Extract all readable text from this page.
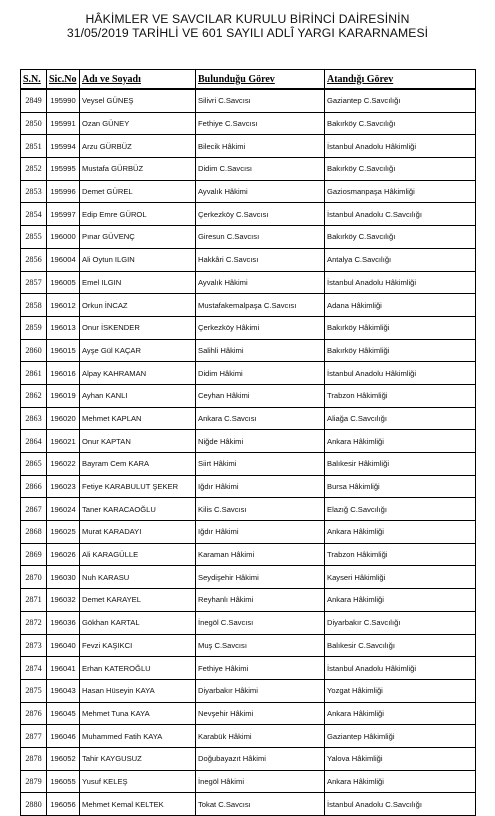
HÂKİMLER VE SAVCILAR KURULU BİRİNCİ DAİRESİNİN
31/05/2019 TARİHLİ VE 601 SAYILI ADLÎ YARGI KARARNAMESİ
S.N.	Sic.No	Adı ve Soyadı	Bulunduğu Görev	Atandığı Görev
2849	195990	Veysel GÜNEŞ	Silivri C.Savcısı	Gaziantep C.Savcılığı
2850	195991	Ozan GÜNEY	Fethiye C.Savcısı	Bakırköy C.Savcılığı
2851	195994	Arzu GÜRBÜZ	Bilecik Hâkimi	İstanbul Anadolu Hâkimliği
2852	195995	Mustafa GÜRBÜZ	Didim C.Savcısı	Bakırköy C.Savcılığı
2853	195996	Demet GÜREL	Ayvalık Hâkimi	Gaziosmanpaşa Hâkimliği
2854	195997	Edip Emre GÜROL	Çerkezköy C.Savcısı	İstanbul Anadolu C.Savcılığı
2855	196000	Pınar GÜVENÇ	Giresun C.Savcısı	Bakırköy C.Savcılığı
2856	196004	Ali Oytun ILGIN	Hakkâri C.Savcısı	Antalya C.Savcılığı
2857	196005	Emel ILGIN	Ayvalık Hâkimi	İstanbul Anadolu Hâkimliği
2858	196012	Orkun İNCAZ	Mustafakemalpaşa C.Savcısı	Adana Hâkimliği
2859	196013	Onur İSKENDER	Çerkezköy Hâkimi	Bakırköy Hâkimliği
2860	196015	Ayşe Gül KAÇAR	Salihli Hâkimi	Bakırköy Hâkimliği
2861	196016	Alpay KAHRAMAN	Didim Hâkimi	İstanbul Anadolu Hâkimliği
2862	196019	Ayhan KANLI	Ceyhan Hâkimi	Trabzon Hâkimliği
2863	196020	Mehmet KAPLAN	Ankara C.Savcısı	Aliağa C.Savcılığı
2864	196021	Onur KAPTAN	Niğde Hâkimi	Ankara Hâkimliği
2865	196022	Bayram Cem KARA	Siirt Hâkimi	Balıkesir Hâkimliği
2866	196023	Fetiye KARABULUT ŞEKER	Iğdır Hâkimi	Bursa Hâkimliği
2867	196024	Taner KARACAOĞLU	Kilis C.Savcısı	Elazığ C.Savcılığı
2868	196025	Murat KARADAYI	Iğdır Hâkimi	Ankara Hâkimliği
2869	196026	Ali KARAGÜLLE	Karaman Hâkimi	Trabzon Hâkimliği
2870	196030	Nuh KARASU	Seydişehir Hâkimi	Kayseri Hâkimliği
2871	196032	Demet KARAYEL	Reyhanlı Hâkimi	Ankara Hâkimliği
2872	196036	Gökhan KARTAL	İnegöl C.Savcısı	Diyarbakır C.Savcılığı
2873	196040	Fevzi KAŞIKCI	Muş C.Savcısı	Balıkesir C.Savcılığı
2874	196041	Erhan KATEROĞLU	Fethiye Hâkimi	İstanbul Anadolu Hâkimliği
2875	196043	Hasan Hüseyin KAYA	Diyarbakır Hâkimi	Yozgat Hâkimliği
2876	196045	Mehmet Tuna KAYA	Nevşehir Hâkimi	Ankara Hâkimliği
2877	196046	Muhammed Fatih KAYA	Karabük Hâkimi	Gaziantep Hâkimliği
2878	196052	Tahir KAYGUSUZ	Doğubayazıt Hâkimi	Yalova Hâkimliği
2879	196055	Yusuf KELEŞ	İnegöl Hâkimi	Ankara Hâkimliği
2880	196056	Mehmet Kemal KELTEK	Tokat C.Savcısı	İstanbul Anadolu C.Savcılığı
